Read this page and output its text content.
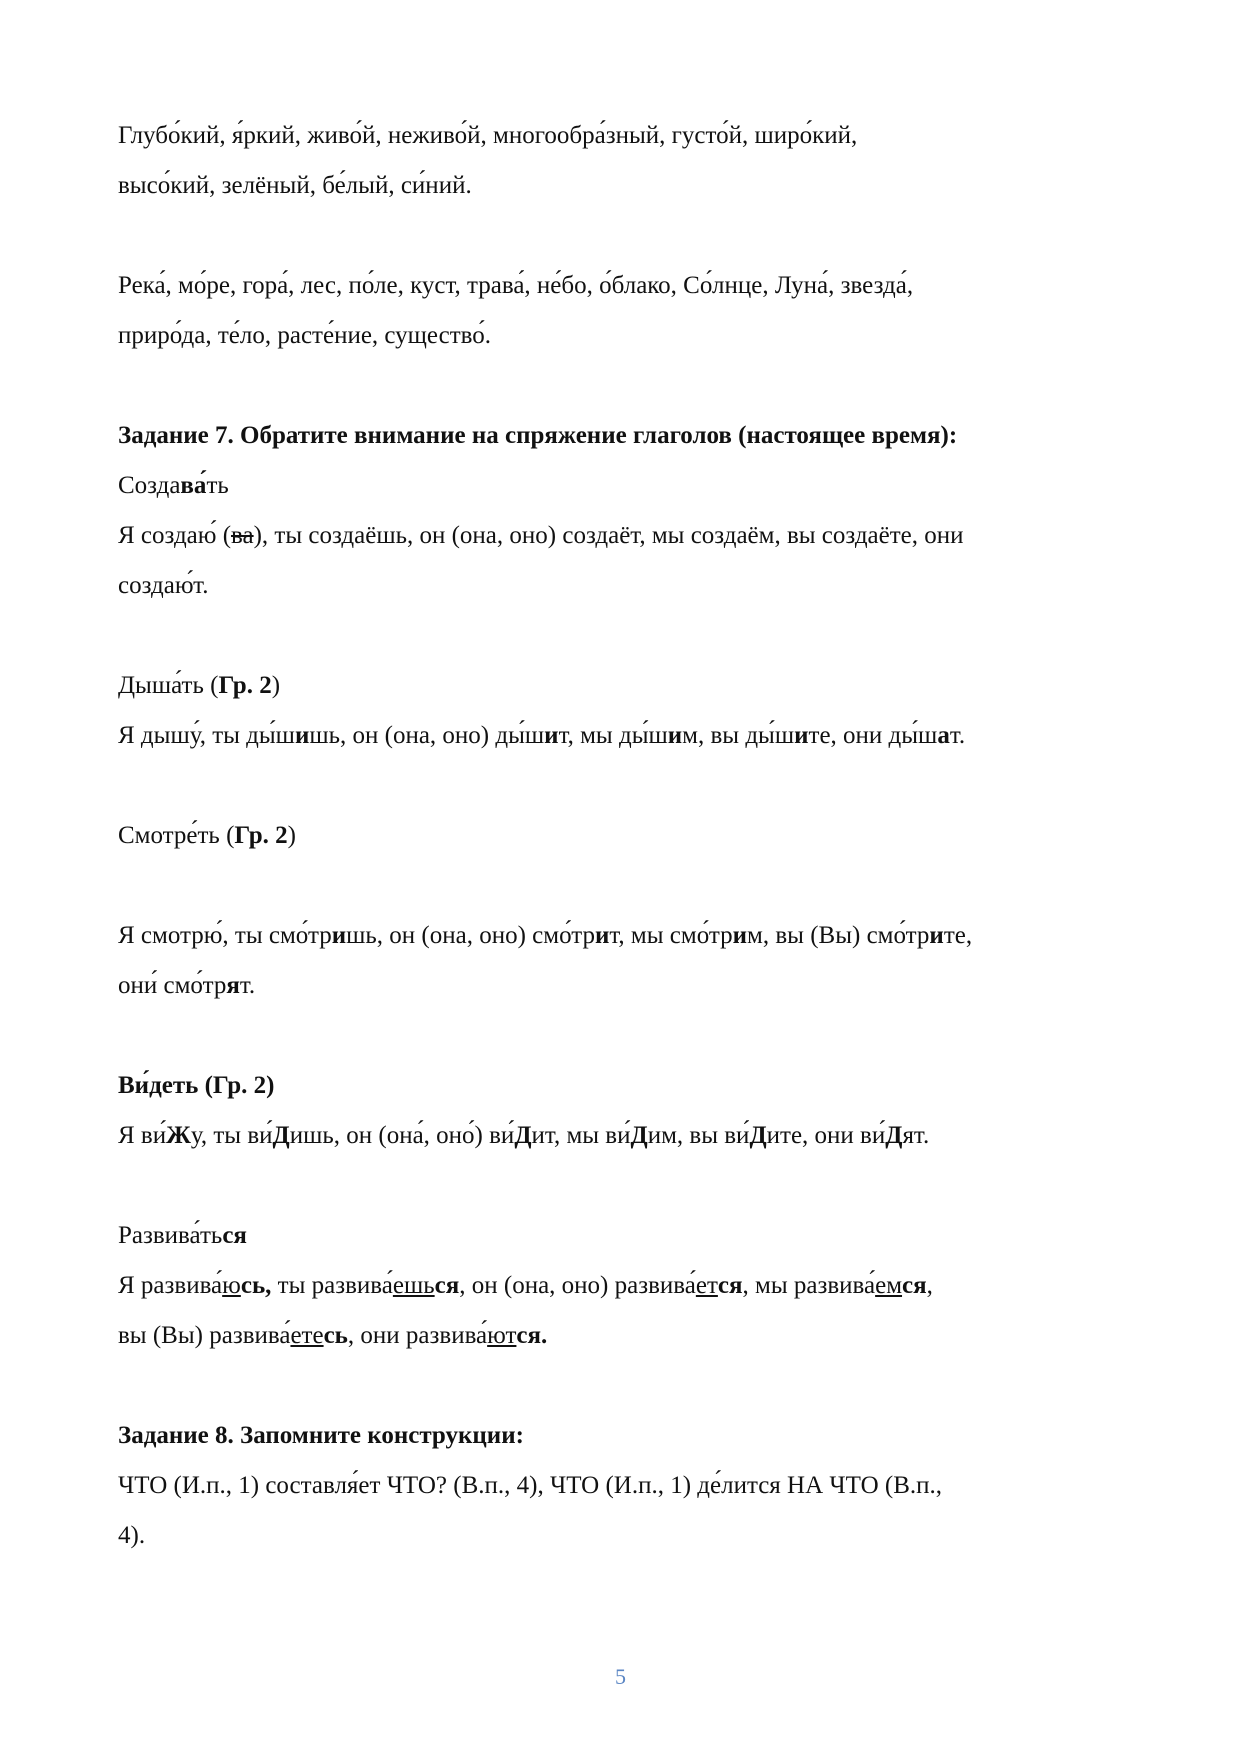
Глубо́кий, я́ркий, живо́й, неживо́й, многообра́зный, густо́й, широ́кий,

высо́кий, зелёный, бе́лый, си́ний.

Река́, мо́ре, гора́, лес, по́ле, куст, трава́, не́бо, о́блако, Со́лнце, Луна́, звезда́,

приро́да, те́ло, расте́ние, существо́.

Задание 7. Обратите внимание на спряжение глаголов (настоящее время):

Создава́ть

Я создаю́ (ва), ты создаёшь, он (она, оно) создаёт, мы создаём, вы создаёте, они

создаю́т.

Дыша́ть (Гр. 2)

Я дышу́, ты ды́шишь, он (она, оно) ды́шит, мы ды́шим, вы ды́шите, они ды́шат.

Смотре́ть (Гр. 2)

Я смотрю́, ты смо́тришь, он (она, оно) смо́трит, мы смо́трим, вы (Вы) смо́трите,

они́ смо́трят.

Ви́деть (Гр. 2)

Я ви́Жу, ты ви́Дишь, он (она́, оно́) ви́Дит, мы ви́Дим, вы ви́Дите, они ви́Дят.

Развива́ться

Я развива́юсь, ты развива́ешься, он (она, оно) развива́ется, мы развива́емся,

вы (Вы) развива́етесь, они развива́ются.

Задание 8. Запомните конструкции:

ЧТО (И.п., 1) составля́ет ЧТО? (В.п., 4), ЧТО (И.п., 1) де́лится НА ЧТО (В.п.,

4).

5
